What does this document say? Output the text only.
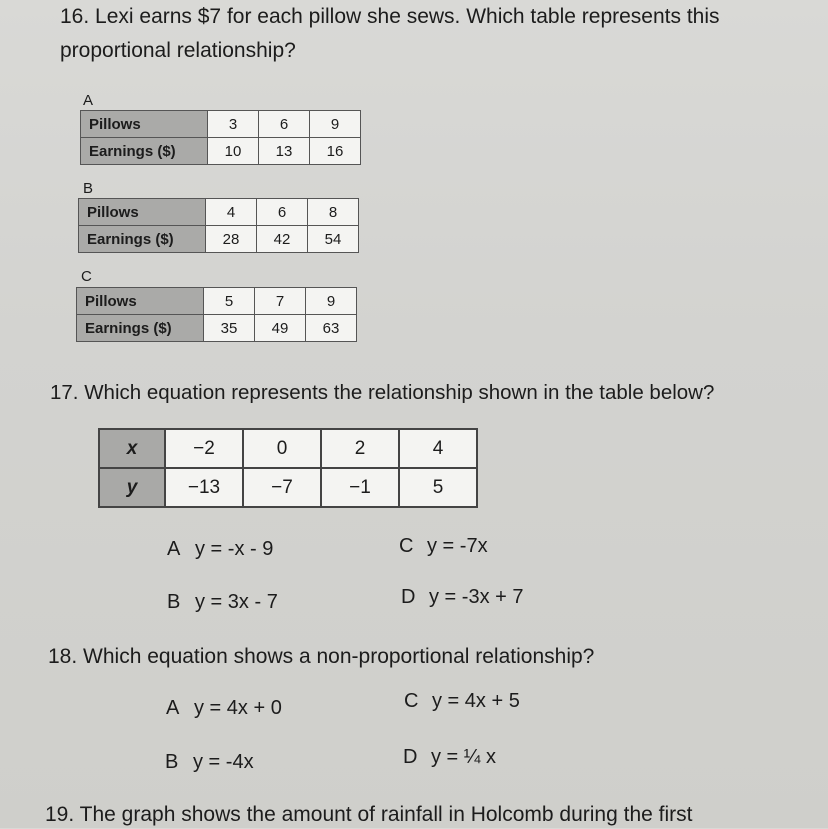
16. Lexi earns $7 for each pillow she sews. Which table represents this
proportional relationship?
A
Pillows	3	6	9
Earnings ($)	10	13	16
B
Pillows	4	6	8
Earnings ($)	28	42	54
C
Pillows	5	7	9
Earnings ($)	35	49	63
17. Which equation represents the relationship shown in the table below?
x	−2	0	2	4
y	−13	−7	−1	5
A y = -x - 9	C y = -7x
B y = 3x - 7	D y = -3x + 7
18. Which equation shows a non-proportional relationship?
A y = 4x + 0	C y = 4x + 5
B y = -4x	D y = ¼ x
19. The graph shows the amount of rainfall in Holcomb during the first
